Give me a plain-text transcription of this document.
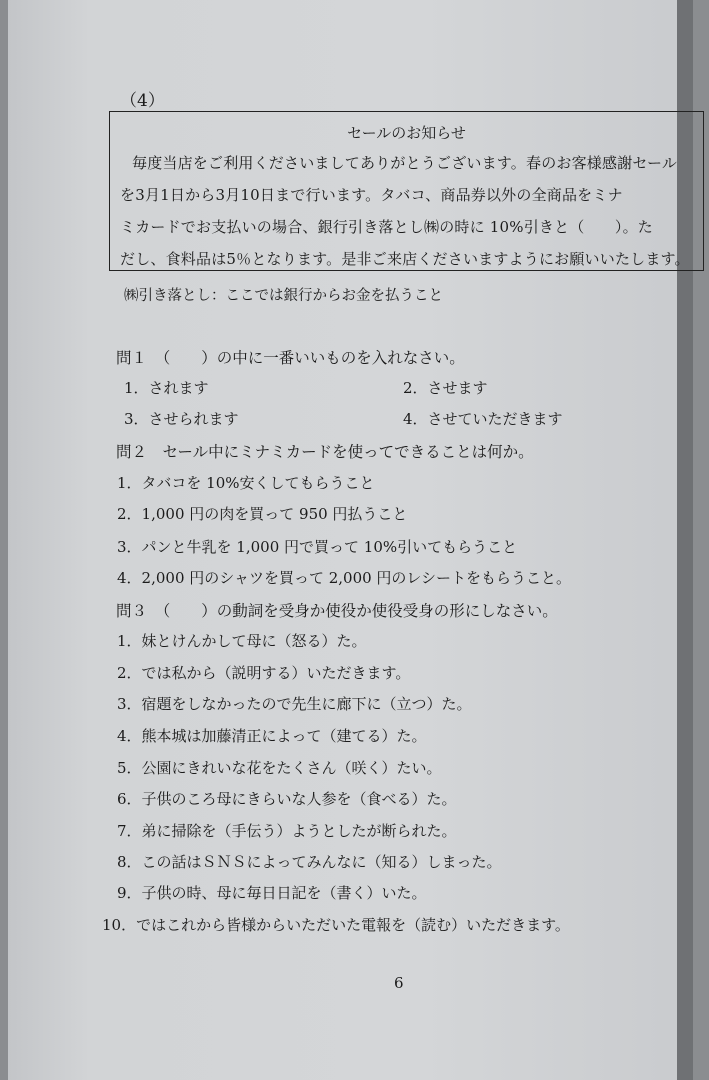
（4）
セールのお知らせ
毎度当店をご利用くださいましてありがとうございます。春のお客様感謝セール
を3月1日から3月10日まで行います。タバコ、商品券以外の全商品をミナ
ミカードでお支払いの場合、銀行引き落とし㈱の時に 10%引きと（　　）。た
だし、食料品は5％となります。是非ご来店くださいますようにお願いいたします。
㈱引き落とし：ここでは銀行からお金を払うこと
問１　（　　）の中に一番いいものを入れなさい。
1．されます	2．させます
3．させられます	4．させていただきます
問２　セール中にミナミカードを使ってできることは何か。
1．タバコを 10%安くしてもらうこと
2．1,000 円の肉を買って 950 円払うこと
3．パンと牛乳を 1,000 円で買って 10%引いてもらうこと
4．2,000 円のシャツを買って 2,000 円のレシートをもらうこと。
問３　（　　）の動詞を受身か使役か使役受身の形にしなさい。
1．妹とけんかして母に（怒る）た。
2．では私から（説明する）いただきます。
3．宿題をしなかったので先生に廊下に（立つ）た。
4．熊本城は加藤清正によって（建てる）た。
5．公園にきれいな花をたくさん（咲く）たい。
6．子供のころ母にきらいな人参を（食べる）た。
7．弟に掃除を（手伝う）ようとしたが断られた。
8．この話はＳＮＳによってみんなに（知る）しまった。
9．子供の時、母に毎日日記を（書く）いた。
10．ではこれから皆様からいただいた電報を（読む）いただきます。
6
